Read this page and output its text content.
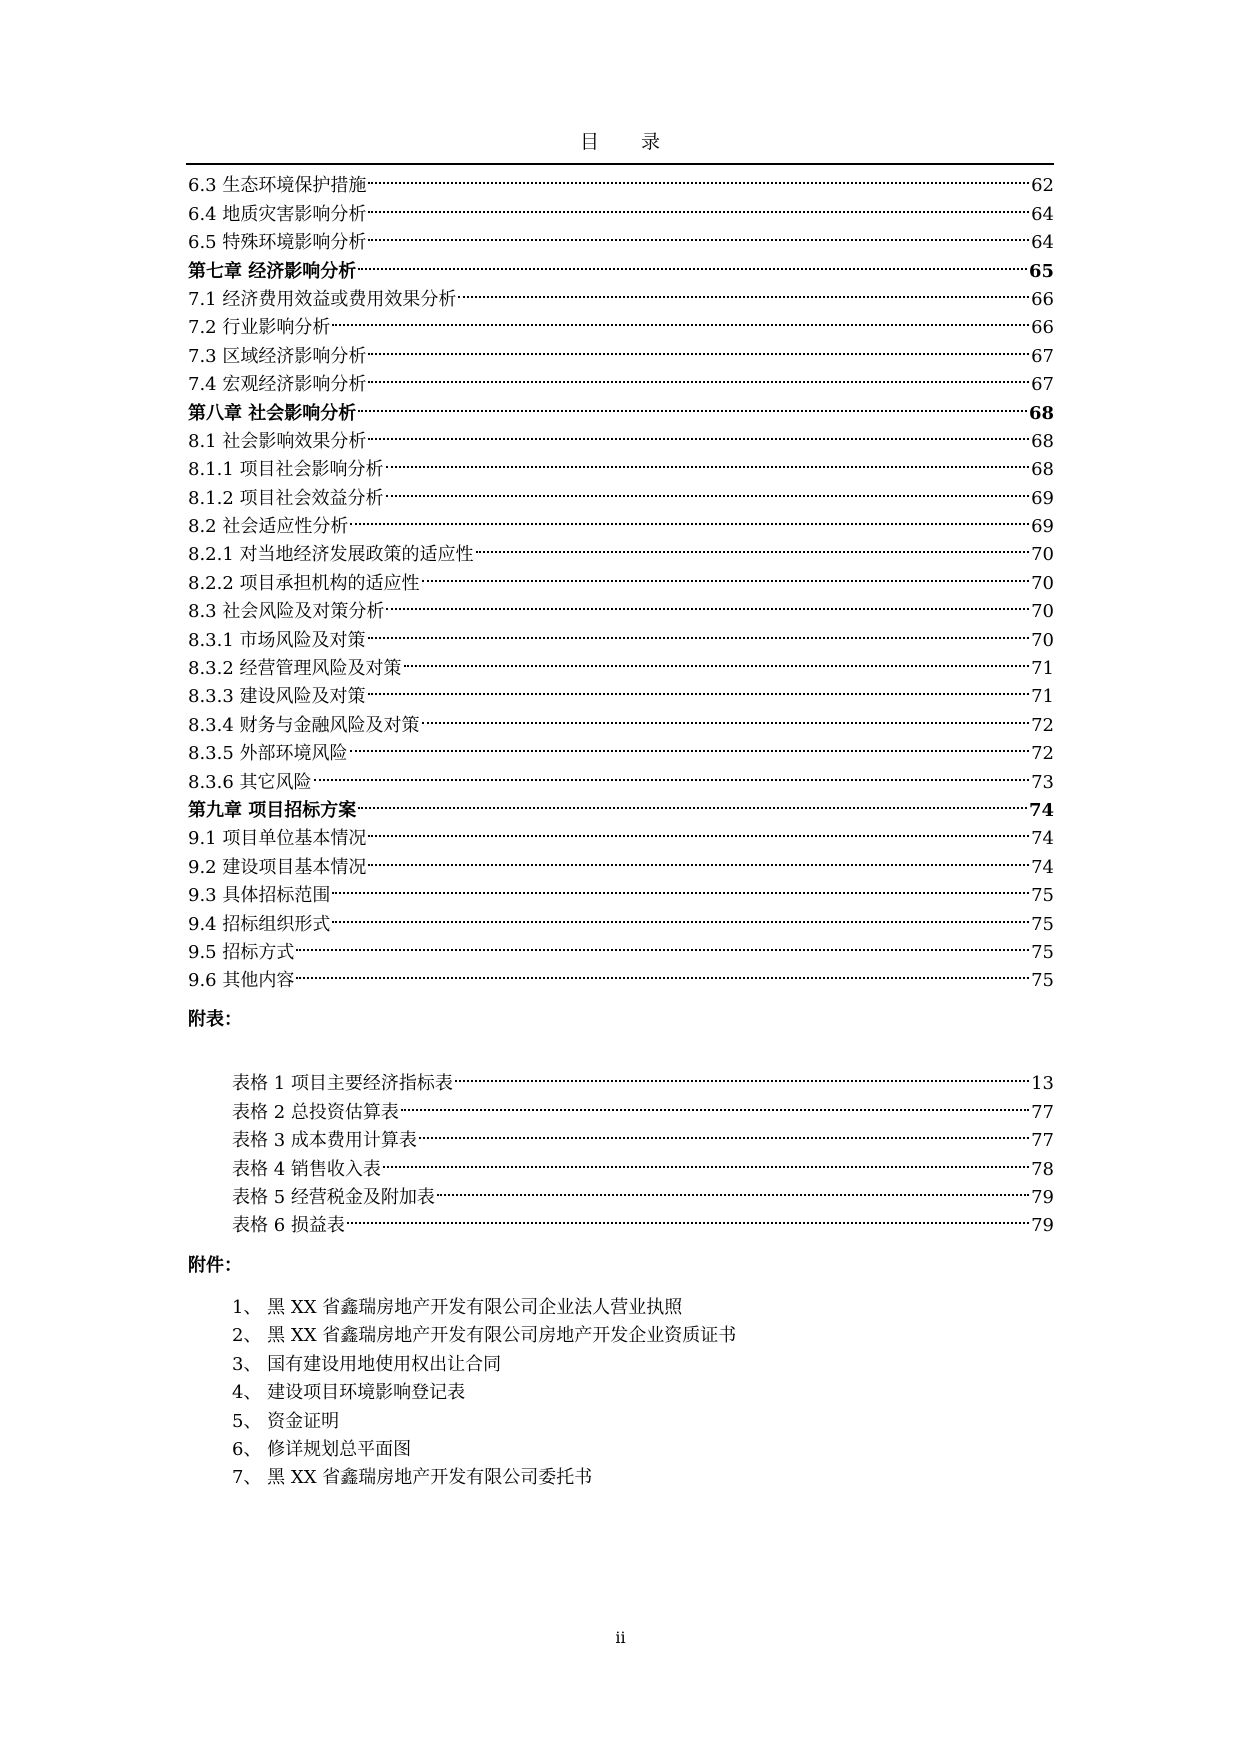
目 录
6.3 生态环境保护措施	62
6.4 地质灾害影响分析	64
6.5 特殊环境影响分析	64
第七章 经济影响分析	65
7.1 经济费用效益或费用效果分析	66
7.2 行业影响分析	66
7.3 区域经济影响分析	67
7.4 宏观经济影响分析	67
第八章 社会影响分析	68
8.1 社会影响效果分析	68
8.1.1 项目社会影响分析	68
8.1.2 项目社会效益分析	69
8.2 社会适应性分析	69
8.2.1 对当地经济发展政策的适应性	70
8.2.2 项目承担机构的适应性	70
8.3 社会风险及对策分析	70
8.3.1 市场风险及对策	70
8.3.2 经营管理风险及对策	71
8.3.3 建设风险及对策	71
8.3.4 财务与金融风险及对策	72
8.3.5 外部环境风险	72
8.3.6 其它风险	73
第九章 项目招标方案	74
9.1 项目单位基本情况	74
9.2 建设项目基本情况	74
9.3 具体招标范围	75
9.4 招标组织形式	75
9.5 招标方式	75
9.6 其他内容	75
附表：
表格 1 项目主要经济指标表	13
表格 2 总投资估算表	77
表格 3 成本费用计算表	77
表格 4 销售收入表	78
表格 5 经营税金及附加表	79
表格 6 损益表	79
附件：
1、 黑 XX 省鑫瑞房地产开发有限公司企业法人营业执照
2、 黑 XX 省鑫瑞房地产开发有限公司房地产开发企业资质证书
3、 国有建设用地使用权出让合同
4、 建设项目环境影响登记表
5、 资金证明
6、 修详规划总平面图
7、 黑 XX 省鑫瑞房地产开发有限公司委托书
ii
